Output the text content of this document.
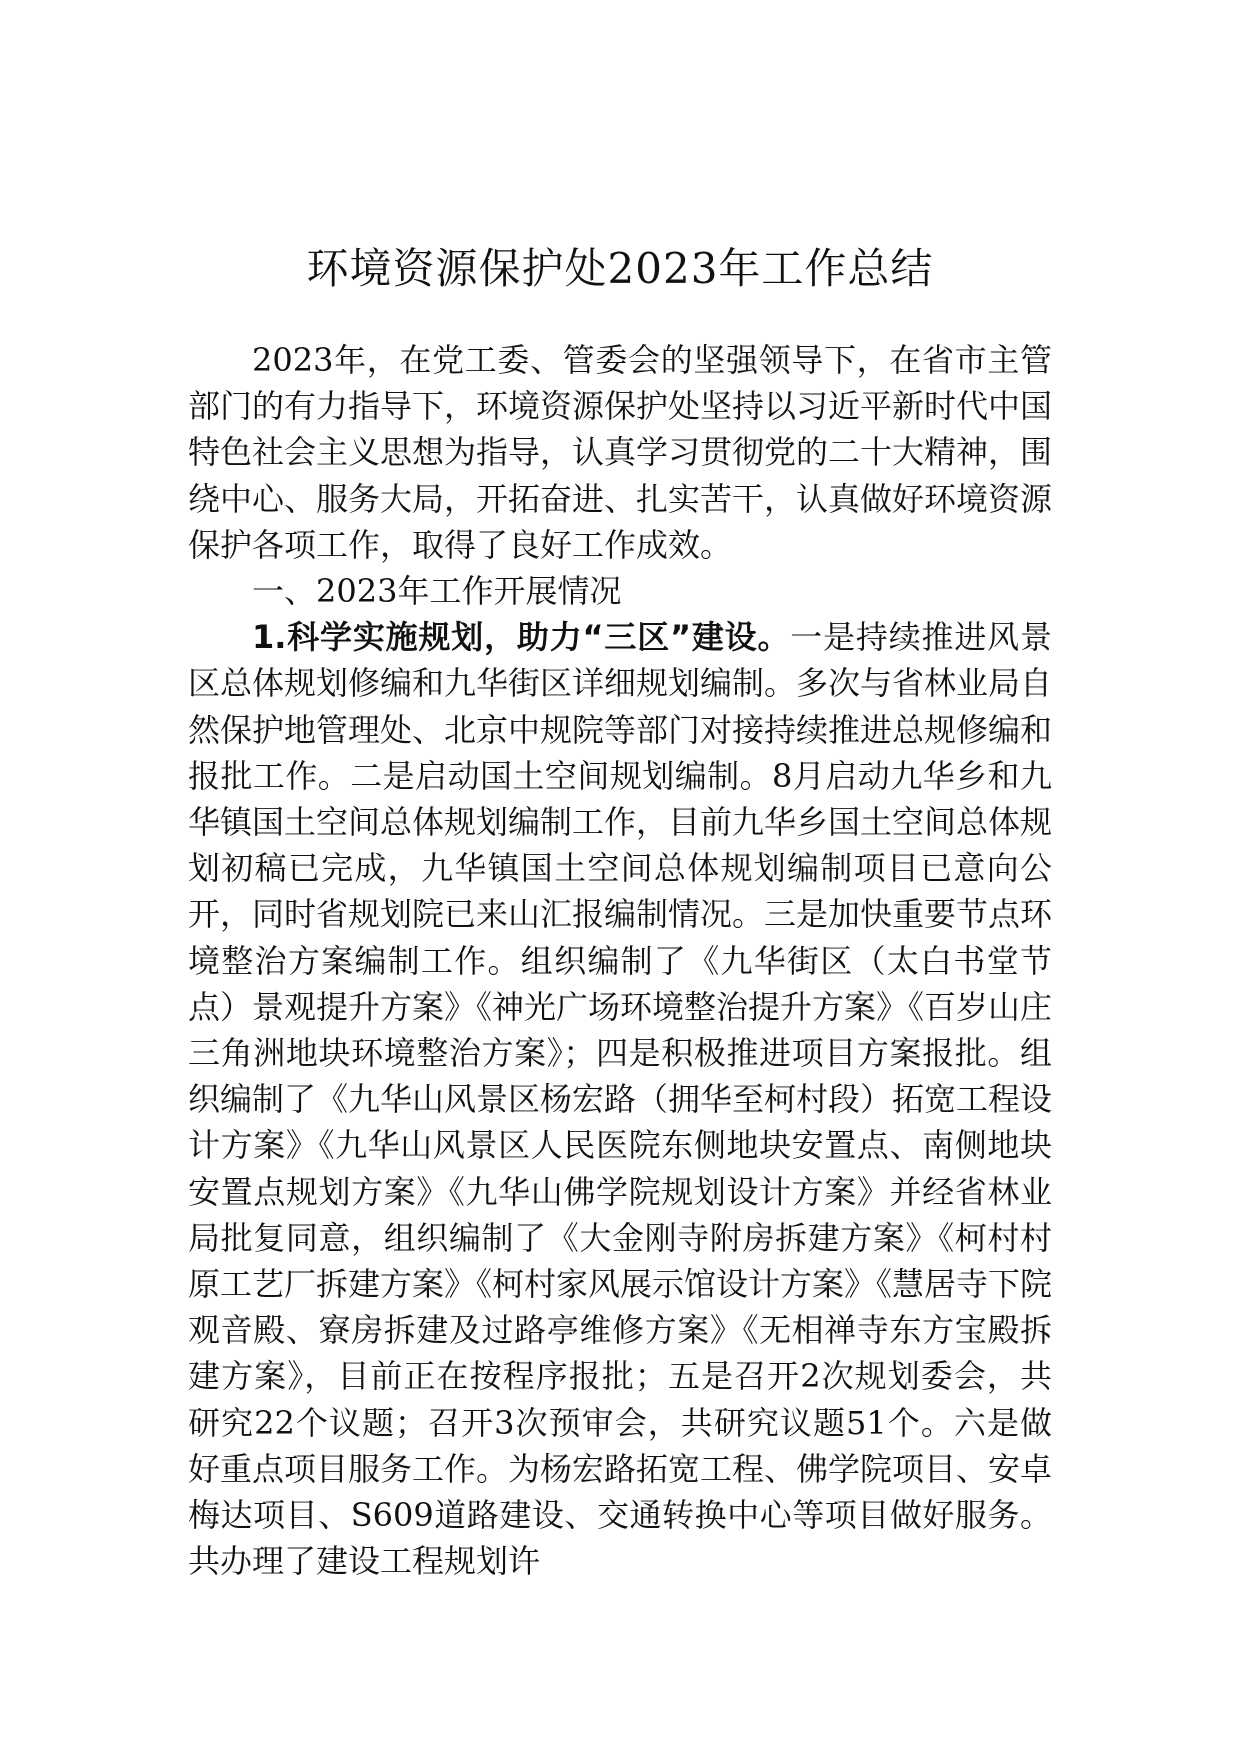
环境资源保护处2023年工作总结

2023年，在党工委、管委会的坚强领导下，在省市主管部门的有力指导下，环境资源保护处坚持以习近平新时代中国特色社会主义思想为指导，认真学习贯彻党的二十大精神，围绕中心、服务大局，开拓奋进、扎实苦干，认真做好环境资源保护各项工作，取得了良好工作成效。

一、2023年工作开展情况

1.科学实施规划，助力“三区”建设。一是持续推进风景区总体规划修编和九华街区详细规划编制。多次与省林业局自然保护地管理处、北京中规院等部门对接持续推进总规修编和报批工作。二是启动国土空间规划编制。8月启动九华乡和九华镇国土空间总体规划编制工作，目前九华乡国土空间总体规划初稿已完成，九华镇国土空间总体规划编制项目已意向公开，同时省规划院已来山汇报编制情况。三是加快重要节点环境整治方案编制工作。组织编制了《九华街区（太白书堂节点）景观提升方案》《神光广场环境整治提升方案》《百岁山庄三角洲地块环境整治方案》；四是积极推进项目方案报批。组织编制了《九华山风景区杨宏路（拥华至柯村段）拓宽工程设计方案》《九华山风景区人民医院东侧地块安置点、南侧地块安置点规划方案》《九华山佛学院规划设计方案》并经省林业局批复同意，组织编制了《大金刚寺附房拆建方案》《柯村村原工艺厂拆建方案》《柯村家风展示馆设计方案》《慧居寺下院观音殿、寮房拆建及过路亭维修方案》《无相禅寺东方宝殿拆建方案》，目前正在按程序报批；五是召开2次规划委会，共研究22个议题；召开3次预审会，共研究议题51个。六是做好重点项目服务工作。为杨宏路拓宽工程、佛学院项目、安卓梅达项目、S609道路建设、交通转换中心等项目做好服务。共办理了建设工程规划许
